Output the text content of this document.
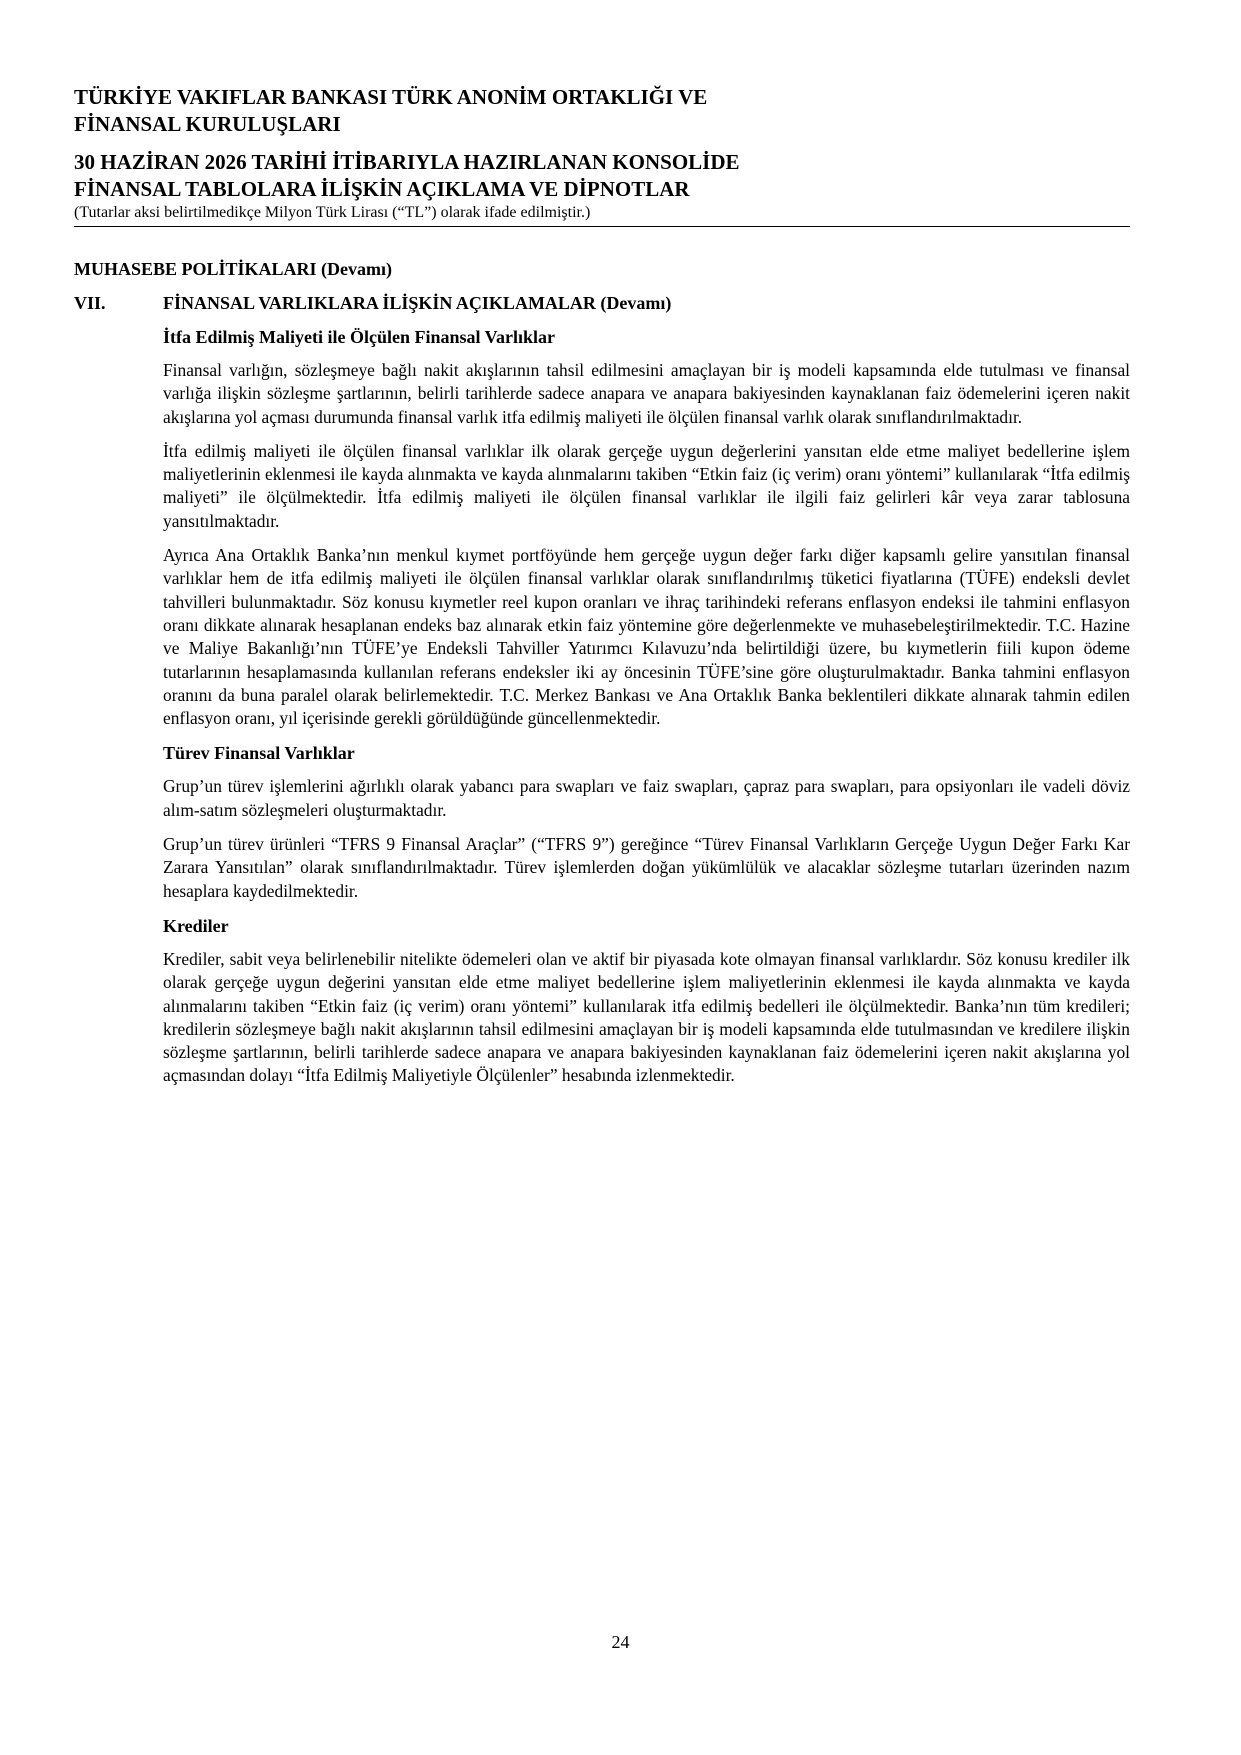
TÜRKİYE VAKIFLAR BANKASI TÜRK ANONİM ORTAKLIĞI VE

FİNANSAL KURULUŞLARI

30 HAZİRAN 2026 TARİHİ İTİBARIYLA HAZIRLANAN KONSOLİDE

FİNANSAL TABLOLARA İLİŞKİN AÇIKLAMA VE DİPNOTLAR

(Tutarlar aksi belirtilmedikçe Milyon Türk Lirası (“TL”) olarak ifade edilmiştir.)

MUHASEBE POLİTİKALARI (Devamı)

VII.	FİNANSAL VARLIKLARA İLİŞKİN AÇIKLAMALAR (Devamı)

İtfa Edilmiş Maliyeti ile Ölçülen Finansal Varlıklar

Finansal varlığın, sözleşmeye bağlı nakit akışlarının tahsil edilmesini amaçlayan bir iş modeli kapsamında elde tutulması ve finansal varlığa ilişkin sözleşme şartlarının, belirli tarihlerde sadece anapara ve anapara bakiyesinden kaynaklanan faiz ödemelerini içeren nakit akışlarına yol açması durumunda finansal varlık itfa edilmiş maliyeti ile ölçülen finansal varlık olarak sınıflandırılmaktadır.

İtfa edilmiş maliyeti ile ölçülen finansal varlıklar ilk olarak gerçeğe uygun değerlerini yansıtan elde etme maliyet bedellerine işlem maliyetlerinin eklenmesi ile kayda alınmakta ve kayda alınmalarını takiben “Etkin faiz (iç verim) oranı yöntemi” kullanılarak “İtfa edilmiş maliyeti” ile ölçülmektedir. İtfa edilmiş maliyeti ile ölçülen finansal varlıklar ile ilgili faiz gelirleri kâr veya zarar tablosuna yansıtılmaktadır.

Ayrıca Ana Ortaklık Banka’nın menkul kıymet portföyünde hem gerçeğe uygun değer farkı diğer kapsamlı gelire yansıtılan finansal varlıklar hem de itfa edilmiş maliyeti ile ölçülen finansal varlıklar olarak sınıflandırılmış tüketici fiyatlarına (TÜFE) endeksli devlet tahvilleri bulunmaktadır. Söz konusu kıymetler reel kupon oranları ve ihraç tarihindeki referans enflasyon endeksi ile tahmini enflasyon oranı dikkate alınarak hesaplanan endeks baz alınarak etkin faiz yöntemine göre değerlenmekte ve muhasebeleştirilmektedir. T.C. Hazine ve Maliye Bakanlığı’nın TÜFE’ye Endeksli Tahviller Yatırımcı Kılavuzu’nda belirtildiği üzere, bu kıymetlerin fiili kupon ödeme tutarlarının hesaplamasında kullanılan referans endeksler iki ay öncesinin TÜFE’sine göre oluşturulmaktadır. Banka tahmini enflasyon oranını da buna paralel olarak belirlemektedir. T.C. Merkez Bankası ve Ana Ortaklık Banka beklentileri dikkate alınarak tahmin edilen enflasyon oranı, yıl içerisinde gerekli görüldüğünde güncellenmektedir.

Türev Finansal Varlıklar

Grup’un türev işlemlerini ağırlıklı olarak yabancı para swapları ve faiz swapları, çapraz para swapları, para opsiyonları ile vadeli döviz alım-satım sözleşmeleri oluşturmaktadır.

Grup’un türev ürünleri “TFRS 9 Finansal Araçlar” (“TFRS 9”) gereğince “Türev Finansal Varlıkların Gerçeğe Uygun Değer Farkı Kar Zarara Yansıtılan” olarak sınıflandırılmaktadır. Türev işlemlerden doğan yükümlülük ve alacaklar sözleşme tutarları üzerinden nazım hesaplara kaydedilmektedir.

Krediler

Krediler, sabit veya belirlenebilir nitelikte ödemeleri olan ve aktif bir piyasada kote olmayan finansal varlıklardır. Söz konusu krediler ilk olarak gerçeğe uygun değerini yansıtan elde etme maliyet bedellerine işlem maliyetlerinin eklenmesi ile kayda alınmakta ve kayda alınmalarını takiben “Etkin faiz (iç verim) oranı yöntemi” kullanılarak itfa edilmiş bedelleri ile ölçülmektedir. Banka’nın tüm kredileri; kredilerin sözleşmeye bağlı nakit akışlarının tahsil edilmesini amaçlayan bir iş modeli kapsamında elde tutulmasından ve kredilere ilişkin sözleşme şartlarının, belirli tarihlerde sadece anapara ve anapara bakiyesinden kaynaklanan faiz ödemelerini içeren nakit akışlarına yol açmasından dolayı “İtfa Edilmiş Maliyetiyle Ölçülenler” hesabında izlenmektedir.

24
